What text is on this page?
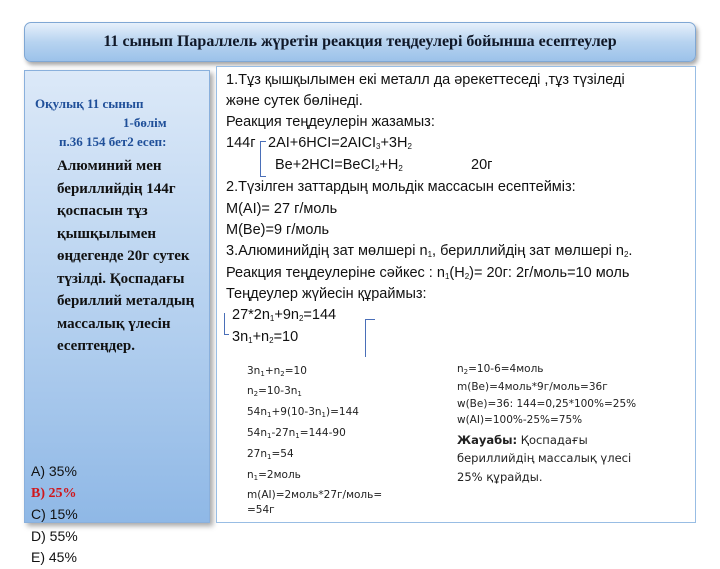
11 сынып Параллель жүретін реакция теңдеулері бойынша есептеулер
Оқулық 11 сынып
1-бөлім
п.36 154 бет2 есеп:
Алюминий мен бериллийдің 144г қоспасын тұз қышқылымен өңдегенде 20г сутек түзілді. Қоспадағы бериллий металдың массалық үлесін есептеңдер.
A) 35%
B) 25%
C) 15%
D) 55%
E) 45%
1.Тұз қышқылымен екі металл да әрекеттеседі ,тұз түзіледі
және сутек бөлінеді.
Реакция теңдеулерін жазамыз:
144г $2AI+6HCI=2AICI_3+3H_2$
$Be+2HCI=BeCI_2+H_2$	20г
2.Түзілген заттардың мольдік массасын есептейміз:
M(AI)= 27 г/моль
M(Be)=9 г/моль
3.Алюминийдің зат мөлшері $n_1$, бериллийдің зат мөлшері $n_2$.
Реакция теңдеулеріне сәйкес : $n_1(H_2)= 20г$: 2г/моль=10 моль
Теңдеулер жүйесін құраймыз:
$27*2n_1+9n_2=144$
$3n_1+n_2=10$
$3n_1+n_2=10$
$n_2=10-3n_1$
$54n_1+9(10-3n_1)=144$
$54n_1-27n_1=144-90$
$27n_1=54$
$n_1=2моль$
m(AI)=2моль*27г/моль=
=54г
$n_2=10-6=4моль$
m(Be)=4моль*9г/моль=36г
w(Be)=36: 144=0,25*100%=25%
w(AI)=100%-25%=75%
Жауабы: Қоспадағы
бериллийдің массалық үлесі
25% құрайды.
